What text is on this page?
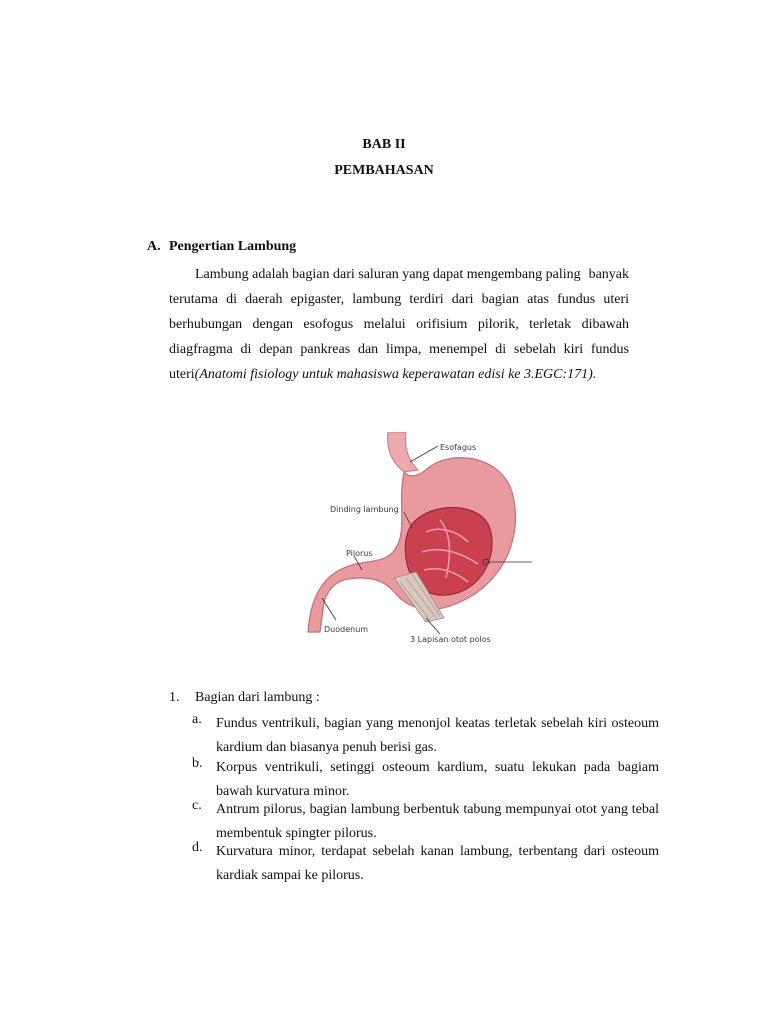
BAB II
PEMBAHASAN
A. Pengertian Lambung
Lambung adalah bagian dari saluran yang dapat mengembang paling banyak terutama di daerah epigaster, lambung terdiri dari bagian atas fundus uteri berhubungan dengan esofogus melalui orifisium pilorik, terletak dibawah diagfragma di depan pankreas dan limpa, menempel di sebelah kiri fundus uteri(Anatomi fisiology untuk mahasiswa keperawatan edisi ke 3.EGC:171).
Esofagus
Dinding lambung
Pilorus
Duodenum
3 Lapisan otot polos
1. Bagian dari lambung :
a. Fundus ventrikuli, bagian yang menonjol keatas terletak sebelah kiri osteoum kardium dan biasanya penuh berisi gas.
b. Korpus ventrikuli, setinggi osteoum kardium, suatu lekukan pada bagiam bawah kurvatura minor.
c. Antrum pilorus, bagian lambung berbentuk tabung mempunyai otot yang tebal membentuk spingter pilorus.
d. Kurvatura minor, terdapat sebelah kanan lambung, terbentang dari osteoum kardiak sampai ke pilorus.
